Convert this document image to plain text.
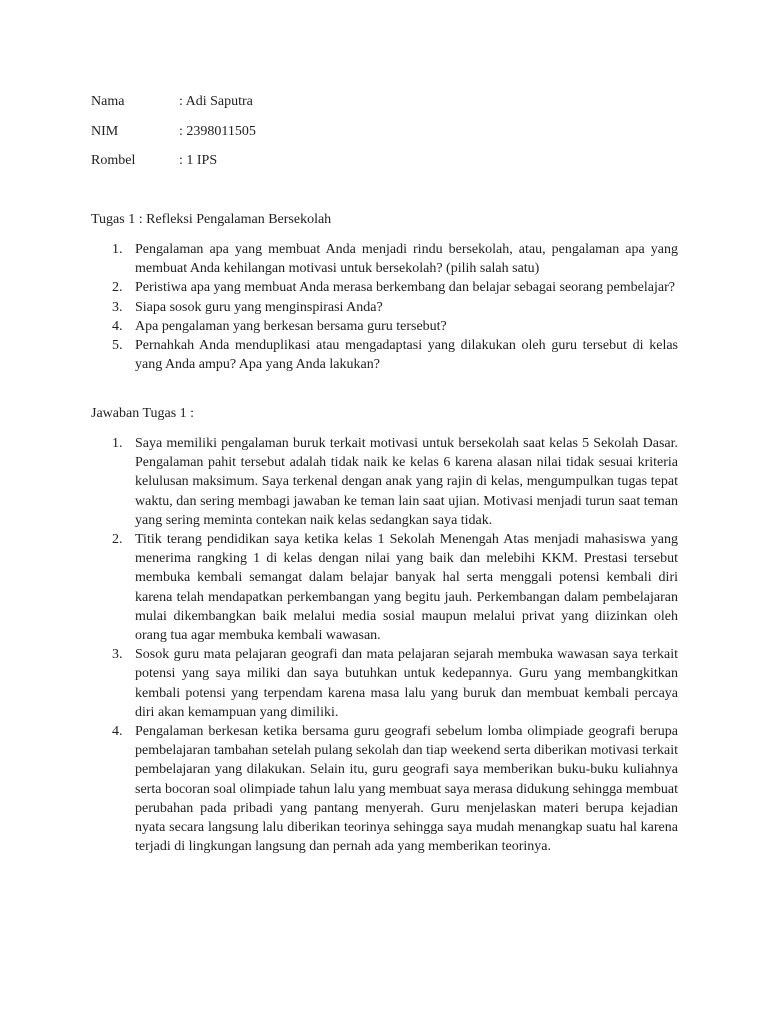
Nama	: Adi Saputra
NIM	: 2398011505
Rombel	: 1 IPS
Tugas 1 : Refleksi Pengalaman Bersekolah
1. Pengalaman apa yang membuat Anda menjadi rindu bersekolah, atau, pengalaman apa yang membuat Anda kehilangan motivasi untuk bersekolah? (pilih salah satu)
2. Peristiwa apa yang membuat Anda merasa berkembang dan belajar sebagai seorang pembelajar?
3. Siapa sosok guru yang menginspirasi Anda?
4. Apa pengalaman yang berkesan bersama guru tersebut?
5. Pernahkah Anda menduplikasi atau mengadaptasi yang dilakukan oleh guru tersebut di kelas yang Anda ampu? Apa yang Anda lakukan?
Jawaban Tugas 1 :
1. Saya memiliki pengalaman buruk terkait motivasi untuk bersekolah saat kelas 5 Sekolah Dasar. Pengalaman pahit tersebut adalah tidak naik ke kelas 6 karena alasan nilai tidak sesuai kriteria kelulusan maksimum. Saya terkenal dengan anak yang rajin di kelas, mengumpulkan tugas tepat waktu, dan sering membagi jawaban ke teman lain saat ujian. Motivasi menjadi turun saat teman yang sering meminta contekan naik kelas sedangkan saya tidak.
2. Titik terang pendidikan saya ketika kelas 1 Sekolah Menengah Atas menjadi mahasiswa yang menerima rangking 1 di kelas dengan nilai yang baik dan melebihi KKM. Prestasi tersebut membuka kembali semangat dalam belajar banyak hal serta menggali potensi kembali diri karena telah mendapatkan perkembangan yang begitu jauh. Perkembangan dalam pembelajaran mulai dikembangkan baik melalui media sosial maupun melalui privat yang diizinkan oleh orang tua agar membuka kembali wawasan.
3. Sosok guru mata pelajaran geografi dan mata pelajaran sejarah membuka wawasan saya terkait potensi yang saya miliki dan saya butuhkan untuk kedepannya. Guru yang membangkitkan kembali potensi yang terpendam karena masa lalu yang buruk dan membuat kembali percaya diri akan kemampuan yang dimiliki.
4. Pengalaman berkesan ketika bersama guru geografi sebelum lomba olimpiade geografi berupa pembelajaran tambahan setelah pulang sekolah dan tiap weekend serta diberikan motivasi terkait pembelajaran yang dilakukan. Selain itu, guru geografi saya memberikan buku-buku kuliahnya serta bocoran soal olimpiade tahun lalu yang membuat saya merasa didukung sehingga membuat perubahan pada pribadi yang pantang menyerah. Guru menjelaskan materi berupa kejadian nyata secara langsung lalu diberikan teorinya sehingga saya mudah menangkap suatu hal karena terjadi di lingkungan langsung dan pernah ada yang memberikan teorinya.
